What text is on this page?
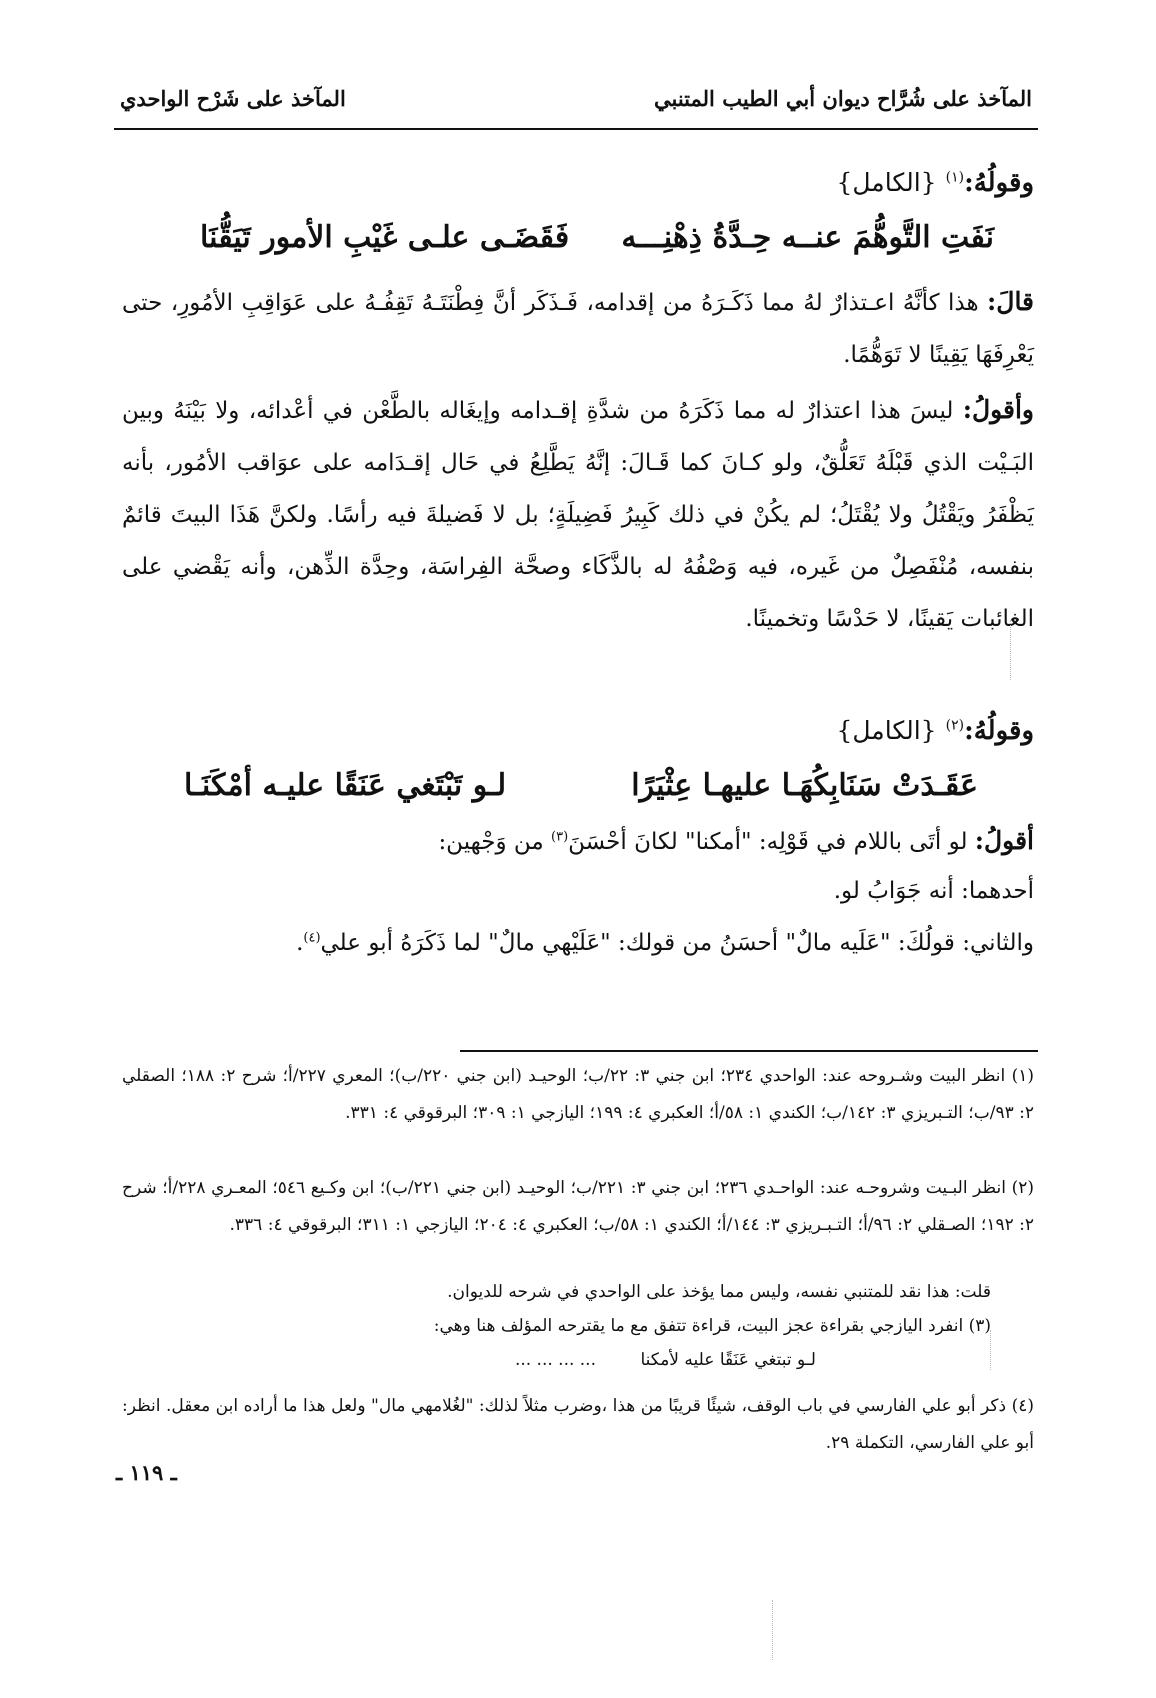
المآخذ على شُرَّاح ديوان أبي الطيب المتنبي
المآخذ على شَرْح الواحدي
وقولُهُ:$^{(١)}$ {الكامل}
نَفَتِ التَّوهُّمَ عنــه حِـدَّةُ ذِهْنِـــه
فَقَضَـى علـى غَيْبِ الأمور تَيَقُّنَا
قالَ: هذا كأنَّهُ اعـتذارٌ لهُ مما ذَكَـرَهُ من إقدامه، فَـذَكَر أنَّ فِطْنَتَـهُ تَقِفُـهُ على عَوَاقِبِ الأمُورِ، حتى يَعْرِفَهَا يَقِينًا لا تَوَهُّمًا.
وأقولُ: ليسَ هذا اعتذارٌ له مما ذَكَرَهُ من شدَّةِ إقـدامه وإيغَاله بالطَّعْن في أعْدائه، ولا بَيْنَهُ وبين البَـيْت الذي قَبْلَهُ تَعَلُّقٌ، ولو كـانَ كما قَـالَ: إنَّهُ يَطَّلِعُ في حَال إقـدَامه على عوَاقب الأمُور، بأنه يَظْفَرُ ويَقْتُلُ ولا يُقْتَلُ؛ لم يكُنْ في ذلك كَبِيرُ فَضِيلَةٍ؛ بل لا فَضيلةَ فيه رأسًا. ولكنَّ هَذَا البيتَ قائمٌ بنفسه، مُنْفَصِلٌ من غَيره، فيه وَصْفُهُ له بالذَّكَاء وصحَّة الفِراسَة، وحِدَّة الذِّهن، وأنه يَقْضي على الغائبات يَقينًا، لا حَدْسًا وتخمينًا.
وقولُهُ:$^{(٢)}$ {الكامل}
عَقَـدَتْ سَنَابِكُهَـا عليهـا عِثْيَرًا
لـو تَبْتَغي عَنَقًا عليـه أمْكَنَـا
أقولُ: لو أتَى باللام في قَوْلِه: "أمكنا" لكانَ أحْسَنَ$^{(٣)}$ من وَجْهين:
أحدهما: أنه جَوَابُ لو.
والثاني: قولُكَ: "عَلَيه مالٌ" أحسَنُ من قولك: "عَلَيْهي مالٌ" لما ذَكَرَهُ أبو علي$^{(٤)}$.
(١) انظر البيت وشـروحه عند: الواحدي ٢٣٤؛ ابن جني ٣: ٢٢/ب؛ الوحيـد (ابن جني ٢٢٠/ب)؛ المعري ٢٢٧/أ؛ شرح ٢: ١٨٨؛ الصقلي ٢: ٩٣/ب؛ التـبريزي ٣: ١٤٢/ب؛ الكندي ١: ٥٨/أ؛ العكبري ٤: ١٩٩؛ اليازجي ١: ٣٠٩؛ البرقوقي ٤: ٣٣١.
(٢) انظر البـيت وشروحـه عند: الواحـدي ٢٣٦؛ ابن جني ٣: ٢٢١/ب؛ الوحيـد (ابن جني ٢٢١/ب)؛ ابن وكـيع ٥٤٦؛ المعـري ٢٢٨/أ؛ شرح ٢: ١٩٢؛ الصـقلي ٢: ٩٦/أ؛ التـبـريزي ٣: ١٤٤/أ؛ الكندي ١: ٥٨/ب؛ العكبري ٤: ٢٠٤؛ اليازجي ١: ٣١١؛ البرقوقي ٤: ٣٣٦.
قلت: هذا نقد للمتنبي نفسه، وليس مما يؤخذ على الواحدي في شرحه للديوان.
(٣) انفرد اليازجي بقراءة عجز البيت، قراءة تتفق مع ما يقترحه المؤلف هنا وهي:
لـو تبتغي عَنَقًا عليه لأمكنا
... ... ... ...
(٤) ذكر أبو علي الفارسي في باب الوقف، شيئًا قريبًا من هذا ،وضرب مثلاً لذلك: "لغُلامهي مال" ولعل هذا ما أراده ابن معقل. انظر: أبو علي الفارسي، التكملة ٢٩.
ـ ١١٩ ـ
